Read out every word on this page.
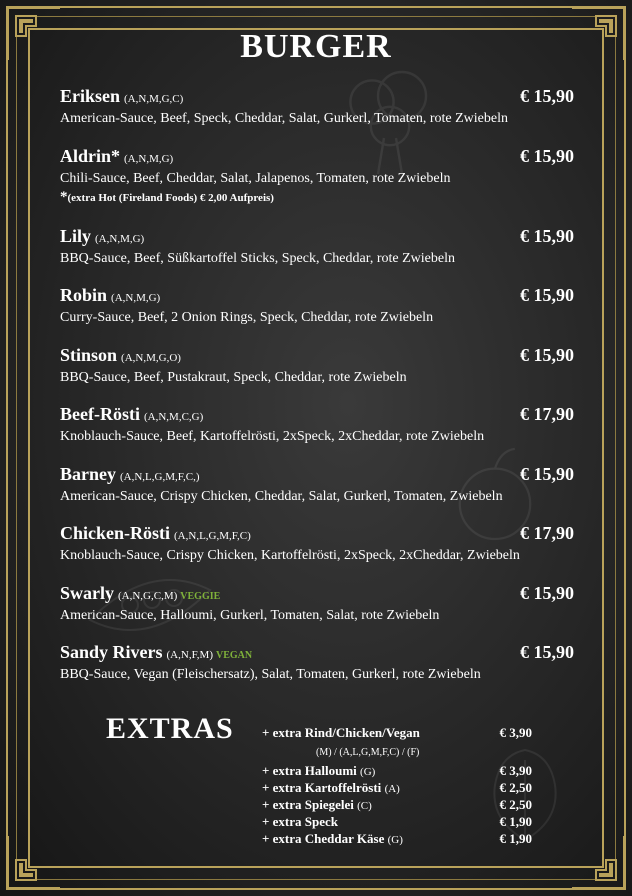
BURGER
Eriksen (A,N,M,G,C)	€ 15,90
American-Sauce, Beef, Speck, Cheddar, Salat, Gurkerl, Tomaten, rote Zwiebeln
Aldrin* (A,N,M,G)	€ 15,90
Chili-Sauce, Beef, Cheddar, Salat, Jalapenos, Tomaten, rote Zwiebeln
*(extra Hot (Fireland Foods) € 2,00 Aufpreis)
Lily (A,N,M,G)	€ 15,90
BBQ-Sauce, Beef, Süßkartoffel Sticks, Speck, Cheddar, rote Zwiebeln
Robin (A,N,M,G)	€ 15,90
Curry-Sauce, Beef, 2 Onion Rings, Speck, Cheddar, rote Zwiebeln
Stinson (A,N,M,G,O)	€ 15,90
BBQ-Sauce, Beef, Pustakraut, Speck, Cheddar, rote Zwiebeln
Beef-Rösti (A,N,M,C,G)	€ 17,90
Knoblauch-Sauce, Beef, Kartoffelrösti, 2xSpeck, 2xCheddar, rote Zwiebeln
Barney (A,N,L,G,M,F,C,)	€ 15,90
American-Sauce, Crispy Chicken, Cheddar, Salat, Gurkerl, Tomaten, Zwiebeln
Chicken-Rösti (A,N,L,G,M,F,C)	€ 17,90
Knoblauch-Sauce, Crispy Chicken, Kartoffelrösti, 2xSpeck, 2xCheddar, Zwiebeln
Swarly (A,N,G,C,M) VEGGIE	€ 15,90
American-Sauce, Halloumi, Gurkerl, Tomaten, Salat, rote Zwiebeln
Sandy Rivers (A,N,F,M) VEGAN	€ 15,90
BBQ-Sauce, Vegan (Fleischersatz), Salat, Tomaten, Gurkerl, rote Zwiebeln
EXTRAS + extra Rind/Chicken/Vegan	€ 3,90
(M) / (A,L,G,M,F,C) / (F)
+ extra Halloumi (G)	€ 3,90
+ extra Kartoffelrösti (A)	€ 2,50
+ extra Spiegelei (C)	€ 2,50
+ extra Speck	€ 1,90
+ extra Cheddar Käse (G)	€ 1,90
